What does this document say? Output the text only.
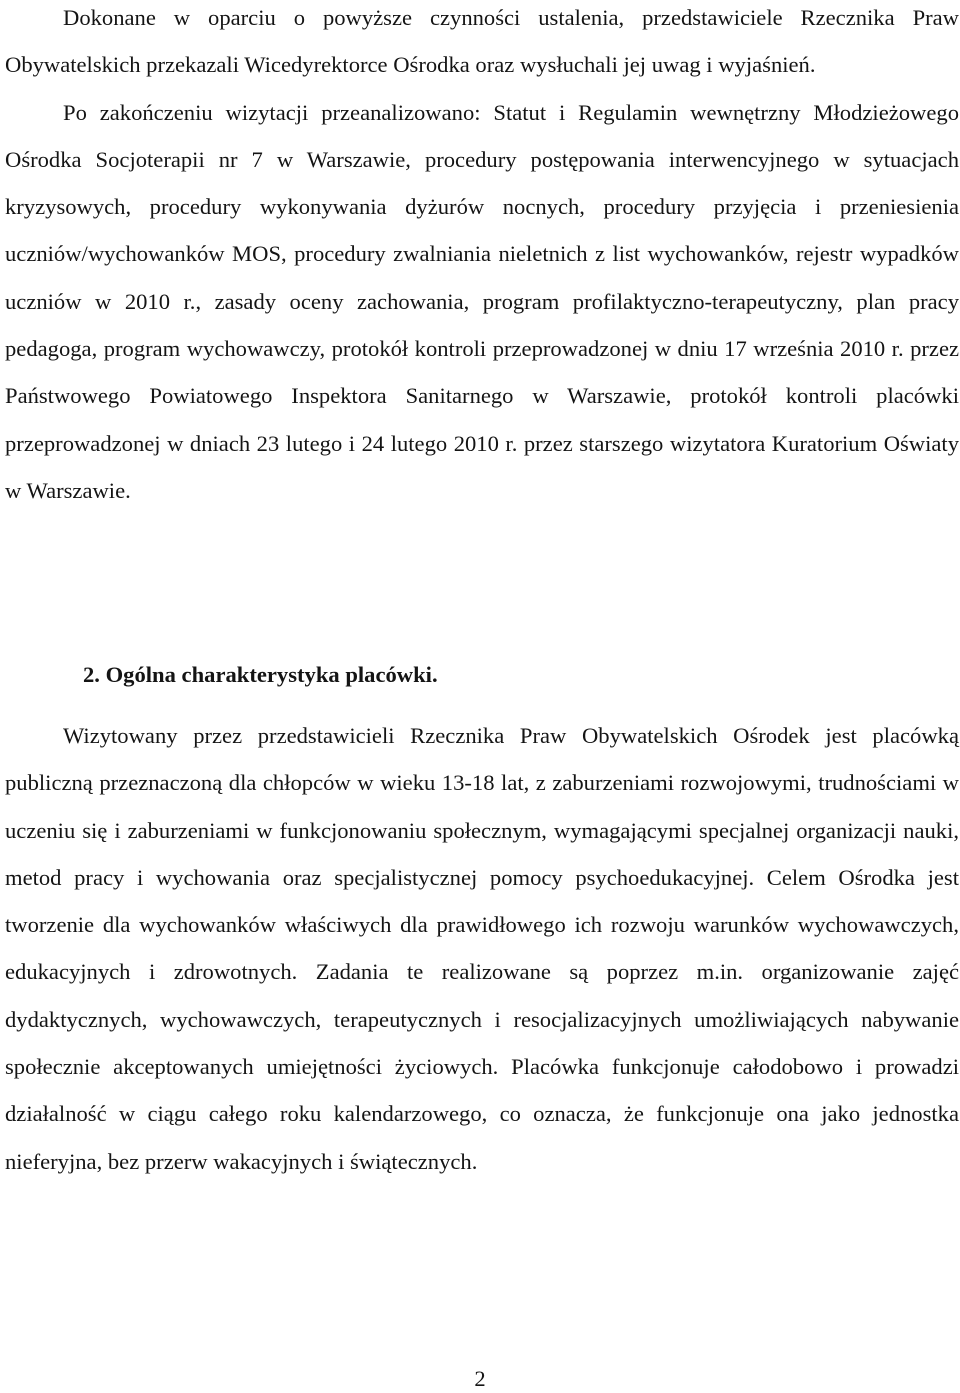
Dokonane w oparciu o powyższe czynności ustalenia, przedstawiciele Rzecznika Praw Obywatelskich przekazali Wicedyrektorce Ośrodka oraz wysłuchali jej uwag i wyjaśnień.

Po zakończeniu wizytacji przeanalizowano: Statut i Regulamin wewnętrzny Młodzieżowego Ośrodka Socjoterapii nr 7 w Warszawie, procedury postępowania interwencyjnego w sytuacjach kryzysowych, procedury wykonywania dyżurów nocnych, procedury przyjęcia i przeniesienia uczniów/wychowanków MOS, procedury zwalniania nieletnich z list wychowanków, rejestr wypadków uczniów w 2010 r., zasady oceny zachowania, program profilaktyczno-terapeutyczny, plan pracy pedagoga, program wychowawczy, protokół kontroli przeprowadzonej w dniu 17 września 2010 r. przez Państwowego Powiatowego Inspektora Sanitarnego w Warszawie, protokół kontroli placówki przeprowadzonej w dniach 23 lutego i 24 lutego 2010 r. przez starszego wizytatora Kuratorium Oświaty w Warszawie.

2. Ogólna charakterystyka placówki.

Wizytowany przez przedstawicieli Rzecznika Praw Obywatelskich Ośrodek jest placówką publiczną przeznaczoną dla chłopców w wieku 13-18 lat, z zaburzeniami rozwojowymi, trudnościami w uczeniu się i zaburzeniami w funkcjonowaniu społecznym, wymagającymi specjalnej organizacji nauki, metod pracy i wychowania oraz specjalistycznej pomocy psychoedukacyjnej. Celem Ośrodka jest tworzenie dla wychowanków właściwych dla prawidłowego ich rozwoju warunków wychowawczych, edukacyjnych i zdrowotnych. Zadania te realizowane są poprzez m.in. organizowanie zajęć dydaktycznych, wychowawczych, terapeutycznych i resocjalizacyjnych umożliwiających nabywanie społecznie akceptowanych umiejętności życiowych. Placówka funkcjonuje całodobowo i prowadzi działalność w ciągu całego roku kalendarzowego, co oznacza, że funkcjonuje ona jako jednostka nieferyjna, bez przerw wakacyjnych i świątecznych.

2
